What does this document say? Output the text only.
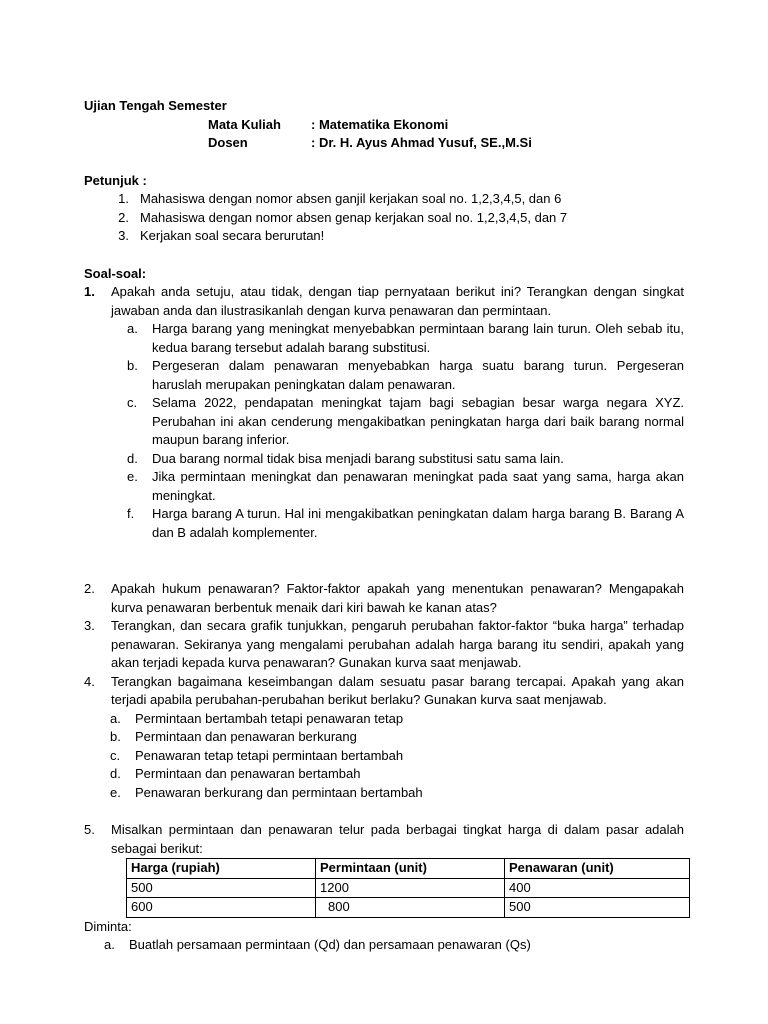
Ujian Tengah Semester
Mata Kuliah	: Matematika Ekonomi
Dosen	: Dr. H. Ayus Ahmad Yusuf, SE.,M.Si
Petunjuk :
1. Mahasiswa dengan nomor absen ganjil kerjakan soal no. 1,2,3,4,5, dan 6
2. Mahasiswa dengan nomor absen genap kerjakan soal no. 1,2,3,4,5, dan 7
3. Kerjakan soal secara berurutan!
Soal-soal:
1.	Apakah anda setuju, atau tidak, dengan tiap pernyataan berikut ini? Terangkan dengan singkat jawaban anda dan ilustrasikanlah dengan kurva penawaran dan permintaan.
a.	Harga barang yang meningkat menyebabkan permintaan barang lain turun. Oleh sebab itu, kedua barang tersebut adalah barang substitusi.
b.	Pergeseran dalam penawaran menyebabkan harga suatu barang turun. Pergeseran haruslah merupakan peningkatan dalam penawaran.
c.	Selama 2022, pendapatan meningkat tajam bagi sebagian besar warga negara XYZ. Perubahan ini akan cenderung mengakibatkan peningkatan harga dari baik barang normal maupun barang inferior.
d.	Dua barang normal tidak bisa menjadi barang substitusi satu sama lain.
e.	Jika permintaan meningkat dan penawaran meningkat pada saat yang sama, harga akan meningkat.
f.	Harga barang A turun. Hal ini mengakibatkan peningkatan dalam harga barang B. Barang A dan B adalah komplementer.
2.	Apakah hukum penawaran? Faktor-faktor apakah yang menentukan penawaran? Mengapakah kurva penawaran berbentuk menaik dari kiri bawah ke kanan atas?
3.	Terangkan, dan secara grafik tunjukkan, pengaruh perubahan faktor-faktor “buka harga” terhadap penawaran. Sekiranya yang mengalami perubahan adalah harga barang itu sendiri, apakah yang akan terjadi kepada kurva penawaran? Gunakan kurva saat menjawab.
4.	Terangkan bagaimana keseimbangan dalam sesuatu pasar barang tercapai. Apakah yang akan terjadi apabila perubahan-perubahan berikut berlaku? Gunakan kurva saat menjawab.
a.	Permintaan bertambah tetapi penawaran tetap
b.	Permintaan dan penawaran berkurang
c.	Penawaran tetap tetapi permintaan bertambah
d.	Permintaan dan penawaran bertambah
e.	Penawaran berkurang dan permintaan bertambah
5.	Misalkan permintaan dan penawaran telur pada berbagai tingkat harga di dalam pasar adalah sebagai berikut:
Harga (rupiah)	Permintaan (unit)	Penawaran (unit)
500	1200	400
600	800	500
Diminta:
a.	Buatlah persamaan permintaan (Qd) dan persamaan penawaran (Qs)
